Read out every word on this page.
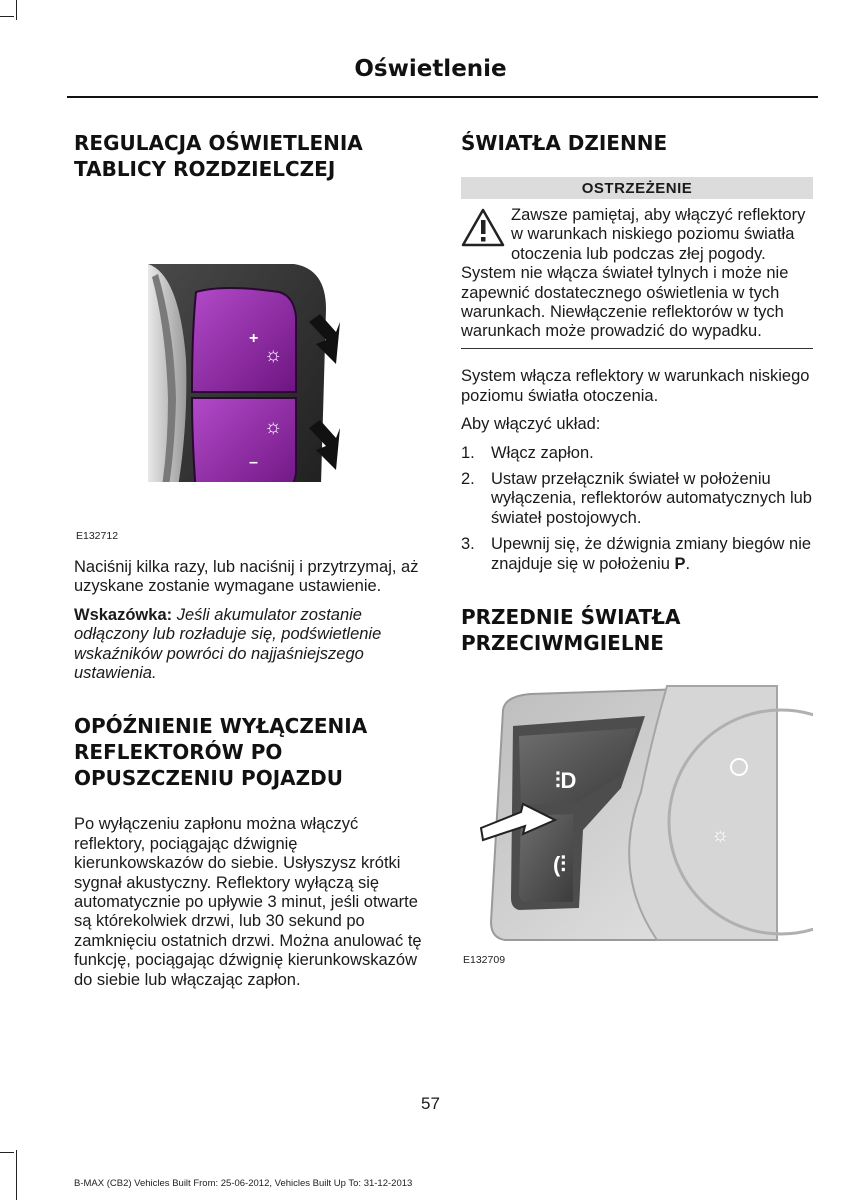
Oświetlenie
REGULACJA OŚWIETLENIA
TABLICY ROZDZIELCZEJ
+
–
☼
☼
E132712

Naciśnij kilka razy, lub naciśnij i przytrzymaj, aż uzyskane zostanie wymagane ustawienie.

Wskazówka: Jeśli akumulator zostanie odłączony lub rozładuje się, podświetlenie wskaźników powróci do najjaśniejszego ustawienia.

OPÓŹNIENIE WYŁĄCZENIA
REFLEKTORÓW PO
OPUSZCZENIU POJAZDU

Po wyłączeniu zapłonu można włączyć reflektory, pociągając dźwignię kierunkowskazów do siebie. Usłyszysz krótki sygnał akustyczny. Reflektory wyłączą się automatycznie po upływie 3 minut, jeśli otwarte są którekolwiek drzwi, lub 30 sekund po zamknięciu ostatnich drzwi. Można anulować tę funkcję, pociągając dźwignię kierunkowskazów do siebie lub włączając zapłon.

ŚWIATŁA DZIENNE
OSTRZEŻENIE

Zawsze pamiętaj, aby włączyć reflektory w warunkach niskiego poziomu światła otoczenia lub podczas złej pogody. System nie włącza świateł tylnych i może nie zapewnić dostatecznego oświetlenia w tych warunkach. Niewłączenie reflektorów w tych warunkach może prowadzić do wypadku.

System włącza reflektory w warunkach niskiego poziomu światła otoczenia.

Aby włączyć układ:

1. Włącz zapłon.
2. Ustaw przełącznik świateł w położeniu wyłączenia, reflektorów automatycznych lub świateł postojowych.
3. Upewnij się, że dźwignia zmiany biegów nie znajduje się w położeniu P.
PRZEDNIE ŚWIATŁA
PRZECIWMGIELNE
⫶D
(⫶
☼
E132709
57
B-MAX (CB2) Vehicles Built From: 25-06-2012, Vehicles Built Up To: 31-12-2013
